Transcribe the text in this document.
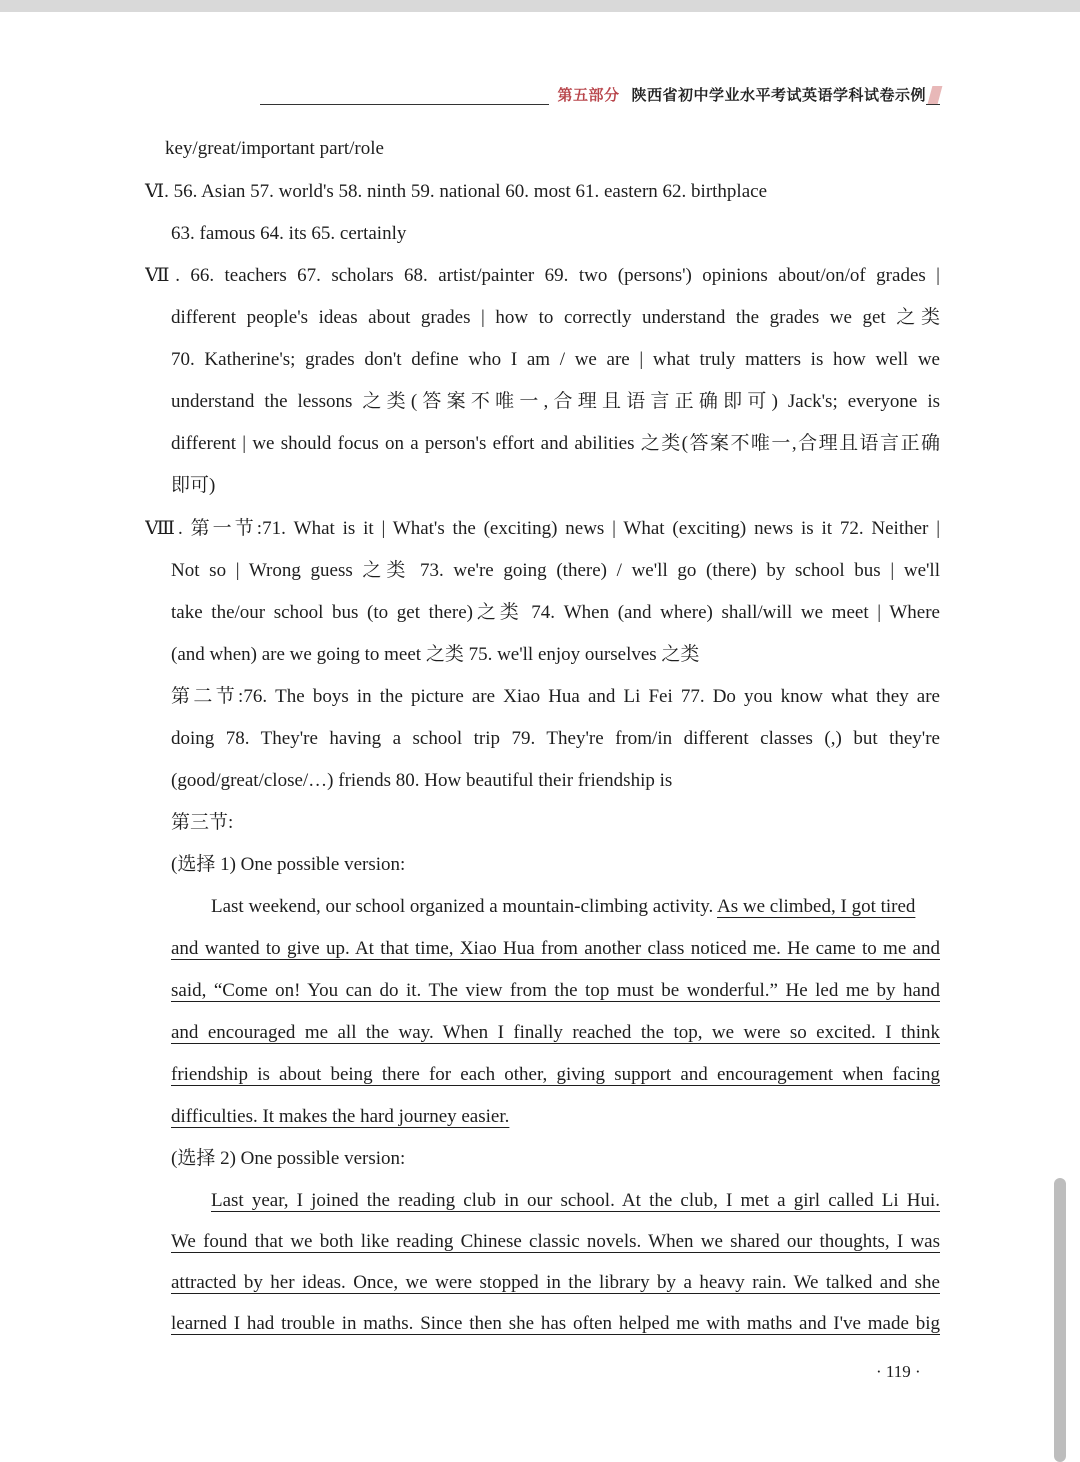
第五部分 陕西省初中学业水平考试英语学科试卷示例
key/great/important part/role
Ⅵ. 56. Asian 57. world's 58. ninth 59. national 60. most 61. eastern 62. birthplace
63. famous 64. its 65. certainly
Ⅶ. 66. teachers 67. scholars 68. artist/painter 69. two (persons') opinions about/on/of grades |
different people's ideas about grades | how to correctly understand the grades we get 之类
70. Katherine's; grades don't define who I am / we are | what truly matters is how well we
understand the lessons 之类(答案不唯一,合理且语言正确即可) Jack's; everyone is
different | we should focus on a person's effort and abilities 之类(答案不唯一,合理且语言正确
即可)
Ⅷ. 第一节:71. What is it | What's the (exciting) news | What (exciting) news is it 72. Neither |
Not so | Wrong guess 之类 73. we're going (there) / we'll go (there) by school bus | we'll
take the/our school bus (to get there)之类 74. When (and where) shall/will we meet | Where
(and when) are we going to meet 之类 75. we'll enjoy ourselves 之类
第二节:76. The boys in the picture are Xiao Hua and Li Fei 77. Do you know what they are
doing 78. They're having a school trip 79. They're from/in different classes (,) but they're
(good/great/close/…) friends 80. How beautiful their friendship is
第三节:
(选择 1) One possible version:
Last weekend, our school organized a mountain-climbing activity. As we climbed, I got tired
and wanted to give up. At that time, Xiao Hua from another class noticed me. He came to me and
said, “Come on! You can do it. The view from the top must be wonderful.” He led me by hand
and encouraged me all the way. When I finally reached the top, we were so excited. I think
friendship is about being there for each other, giving support and encouragement when facing
difficulties. It makes the hard journey easier.
(选择 2) One possible version:
Last year, I joined the reading club in our school. At the club, I met a girl called Li Hui.
We found that we both like reading Chinese classic novels. When we shared our thoughts, I was
attracted by her ideas. Once, we were stopped in the library by a heavy rain. We talked and she
learned I had trouble in maths. Since then she has often helped me with maths and I've made big
· 119 ·
